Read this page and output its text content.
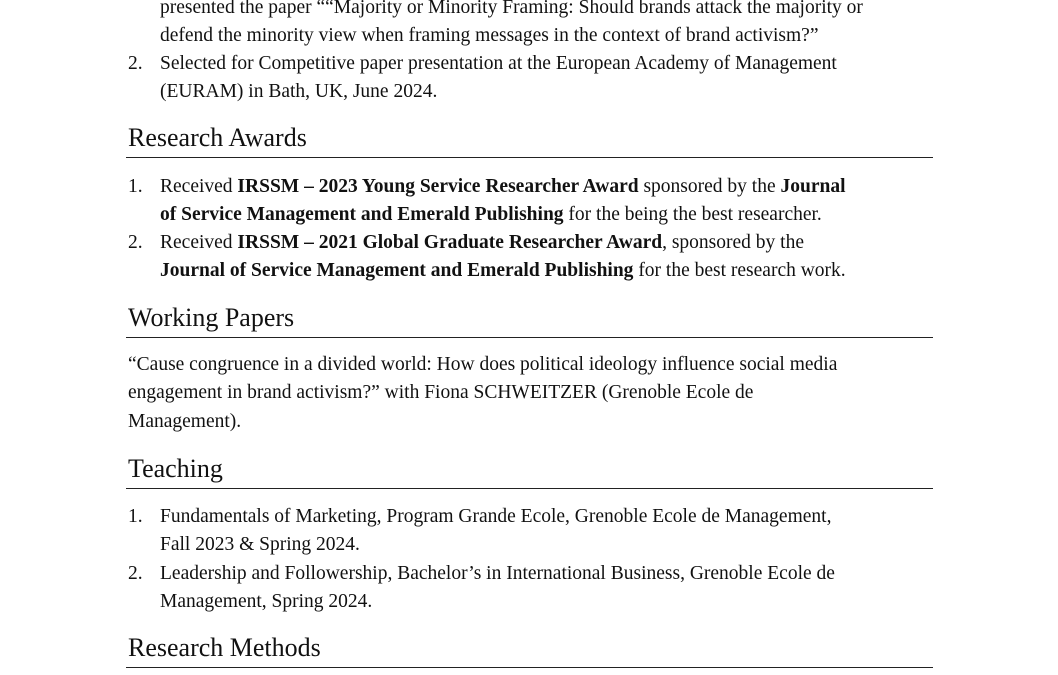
presented the paper ““Majority or Minority Framing: Should brands attack the majority or
defend the minority view when framing messages in the context of brand activism?”
2. Selected for Competitive paper presentation at the European Academy of Management
(EURAM) in Bath, UK, June 2024.
Research Awards
1. Received IRSSM – 2023 Young Service Researcher Award sponsored by the Journal
of Service Management and Emerald Publishing for the being the best researcher.
2. Received IRSSM – 2021 Global Graduate Researcher Award, sponsored by the
Journal of Service Management and Emerald Publishing for the best research work.
Working Papers
“Cause congruence in a divided world: How does political ideology influence social media
engagement in brand activism?” with Fiona SCHWEITZER (Grenoble Ecole de
Management).
Teaching
1. Fundamentals of Marketing, Program Grande Ecole, Grenoble Ecole de Management,
Fall 2023 & Spring 2024.
2. Leadership and Followership, Bachelor’s in International Business, Grenoble Ecole de
Management, Spring 2024.
Research Methods
